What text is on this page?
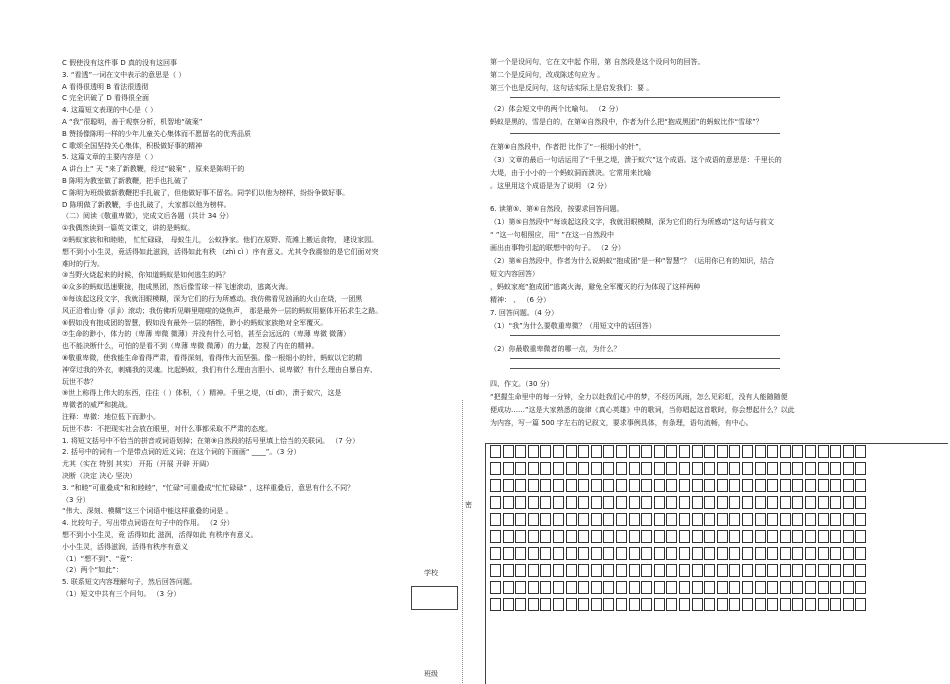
C 假使没有这件事 D 真的没有这回事
3. “看透”一词在文中表示的意思是（ ）
A 看得很透明 B 看法很透彻
C 完全识破了 D 看得很全面
4. 这篇短文表现的中心是（ ）
A “我”很聪明，善于观察分析，机智地“破案”
B 赞扬像陈明一样的少年儿童关心集体而不愿留名的优秀品质
C 歌颂全国坚持关心集体，积极做好事的精神
5. 这篇文章的主要内容是（ ）
A 讲台上“ 天 ”来了新教鞭，经过“破案” ，原来是陈明干的
B 陈明为教室做了新教鞭，把手也扎破了
C 陈明为班级做新教鞭把手扎破了，但他做好事不留名。同学们以他为榜样，纷纷争做好事。
D 陈明做了新教鞭，手也扎破了，大家都以他为榜样。
（二）阅读《敬重卑微》，完成文后各题（共计 34 分）
①我偶然读到一篇英文课文，讲的是蚂蚁。
②蚂蚁家族和和睦睦， 忙忙碌碌， 母蚁生儿， 公蚁挣家。他们在原野、荒滩上搬运食物， 建设家园。
想不到小小生灵，竟活得如此滋润，活得如此有秩 （zhì cì ）序有意义。尤其令我震惊的是它们面对突
难时的行为。
③当野火烧起来的时候，你知道蚂蚁是如何逃生的吗？
④众多的蚂蚁迅速聚拢，抱成黑团，然后像雪球一样飞速滚动，逃离火海。
⑤每该起这段文字，我就泪眼模糊，深为它们的行为所感动。我仿佛看见汹涌的火山在烧，一团黑
风正沿着山脊（jǐ jì）滚动；我仿佛听见噼里啪啦的烧焦声， 那是最外一层的蚂蚁用躯体开拓求生之路。
⑥假如没有抱成团的智慧，假如没有最外一层的牺牲，渺小的蚂蚁家族绝对全军覆灭。
⑦生命的渺小，体力的（卑薄 卑微 微薄）并没有什么可怕，甚至会远远的（卑薄 卑微 微薄）
也不能决断什么，可怕的是看不到（卑薄 卑微 微薄）的力量，忽视了内在的精神。
⑧敬重卑微，使我能生命看得严肃，看得深刻，看得伟大而坚强。像一根细小的针，蚂蚁以它的精
神穿过我的外衣，刺痛我的灵魂。比起蚂蚁，我们有什么理由言胆小、说卑微？有什么理由自暴自弃、
玩世不恭？
⑨世上称得上伟大的东西，往往（ ）体积，（ ）精神。千里之堤，（tí dī），溃于蚁穴，这是
卑微者的威严和挑战。
注释：卑微：地位低下而渺小。
玩世不恭：不把现实社会放在眼里，对什么事都采取不严肃的态度。
1. 将短文括号中不恰当的拼音或词语划掉；在第⑨自然段的括号里填上恰当的关联词。 （7 分）
2. 括号中的词有一个是带点词的近义词；在这个词的下面画“ ____”。（3 分）
尤其（实在 特别 其实） 开拓（开展 开辟 开阔）
决断（决定 决心 坚决）
3. “和睦”可重叠成“和和睦睦”，“忙碌”可重叠成“忙忙碌碌” ，这样重叠后，意思有什么不同？
（3 分）
“伟大、深刻、模糊”这三个词语中能这样重叠的词是 。
4. 比较句子，写出带点词语在句子中的作用。 （2 分）
想不到小小生灵，竟 活得如此 滋润，活得如此 有秩序有意义。
小小生灵，活得滋润，活得有秩序有意义
（1）“想不到”、“竟”：
（2）两个“如此”：
5. 联系短文内容理解句子，然后回答问题。
（1）短文中共有三个问句。 （3 分）
第一个是设问句，它在文中起 作用，第 自然段是这个设问句的回答。
第二个是反问句，改成陈述句应为 。
第三个也是反问句，这句话实际上是启发我们：要 。
（2）体会短文中的两个比喻句。 （2 分）
蚂蚁是黑的，雪是白的，在第④自然段中，作者为什么把“抱成黑团”的蚂蚁比作“雪球”？
在第⑧自然段中，作者把 比作了“一根细小的针”，
（3）文章的最后一句话运用了“千里之堤，溃于蚁穴”这个成语。这个成语的意思是：千里长的
大堤，由于小小的一个蚂蚁洞而溃决。它常用来比喻
。这里用这个成语是为了说明 （2 分）
6. 读第⑤、第⑥自然段，按要求回答问题。
（1）第⑤自然段中“每该起这段文字，我就泪眼模糊，深为它们的行为所感动”这句话与前文
“ ”这一句相照应，用“ ”在这一自然段中
画出由事物引起的联想中的句子。 （2 分）
（2）第⑥自然段中，作者为什么说蚂蚁“抱成团”是一种“智慧”？（运用你已有的知识，结合
短文内容回答）
，蚂蚁家庭“抱成团”逃离火海，避免全军覆灭的行为体现了这样两种
精神： 、 （6 分）
7. 回答问题。（4 分）
（1）“我”为什么要敬重卑微？（用短文中的话回答）
（2）你最敬重卑微者的哪一点，为什么？
四、作文。（30 分）
“把握生命里中的每一分钟，全力以赴我们心中的梦，不经历风雨，怎么见彩虹，没有人能随随便
便成功……”这是大家熟悉的旋律《真心英雄》中的歌词，当你唱起这首歌时，你会想起什么？以此
为内容，写一篇 500 字左右的记叙文，要求事例具体，有条理，语句流畅，有中心。
密
学校
班级
